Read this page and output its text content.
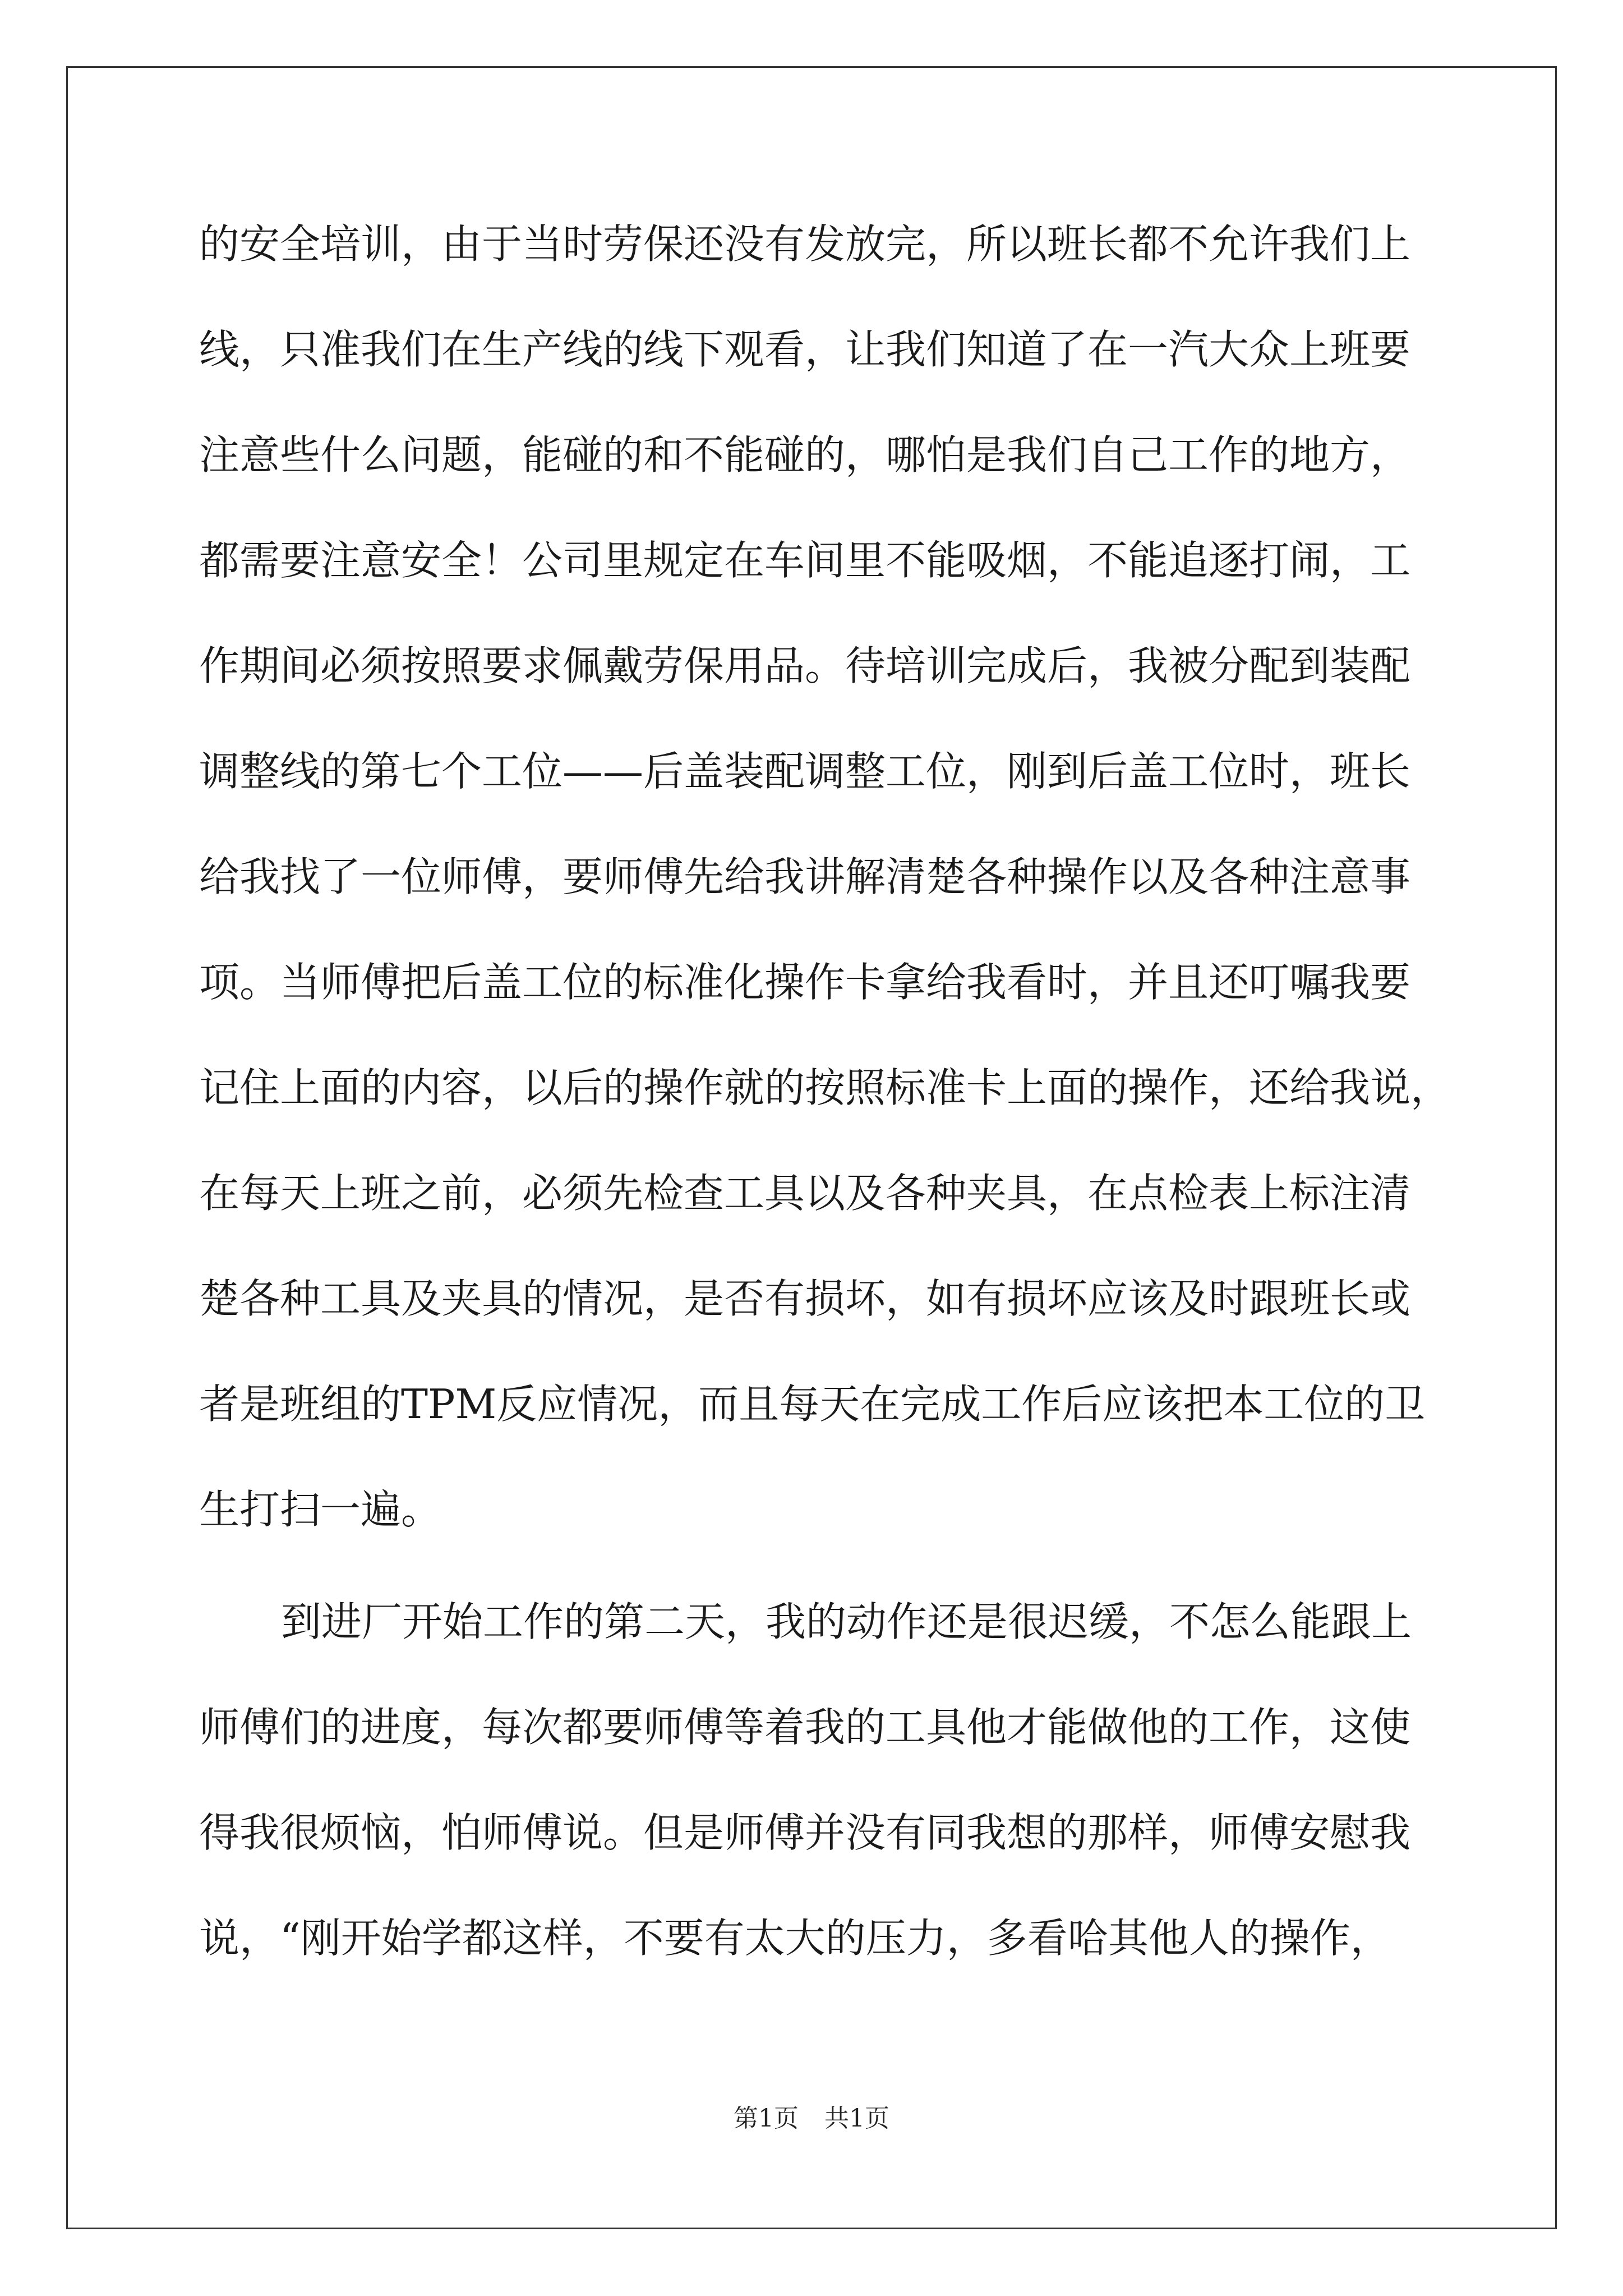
的安全培训，由于当时劳保还没有发放完，所以班长都不允许我们上
线，只准我们在生产线的线下观看，让我们知道了在一汽大众上班要
注意些什么问题，能碰的和不能碰的，哪怕是我们自己工作的地方，
都需要注意安全！公司里规定在车间里不能吸烟，不能追逐打闹，工
作期间必须按照要求佩戴劳保用品。待培训完成后，我被分配到装配
调整线的第七个工位——后盖装配调整工位，刚到后盖工位时，班长
给我找了一位师傅，要师傅先给我讲解清楚各种操作以及各种注意事
项。当师傅把后盖工位的标准化操作卡拿给我看时，并且还叮嘱我要
记住上面的内容，以后的操作就的按照标准卡上面的操作，还给我说，
在每天上班之前，必须先检查工具以及各种夹具，在点检表上标注清
楚各种工具及夹具的情况，是否有损坏，如有损坏应该及时跟班长或
者是班组的TPM反应情况，而且每天在完成工作后应该把本工位的卫
生打扫一遍。
到进厂开始工作的第二天，我的动作还是很迟缓，不怎么能跟上
师傅们的进度，每次都要师傅等着我的工具他才能做他的工作，这使
得我很烦恼，怕师傅说。但是师傅并没有同我想的那样，师傅安慰我
说，“刚开始学都这样，不要有太大的压力，多看哈其他人的操作，
第1页 共1页
